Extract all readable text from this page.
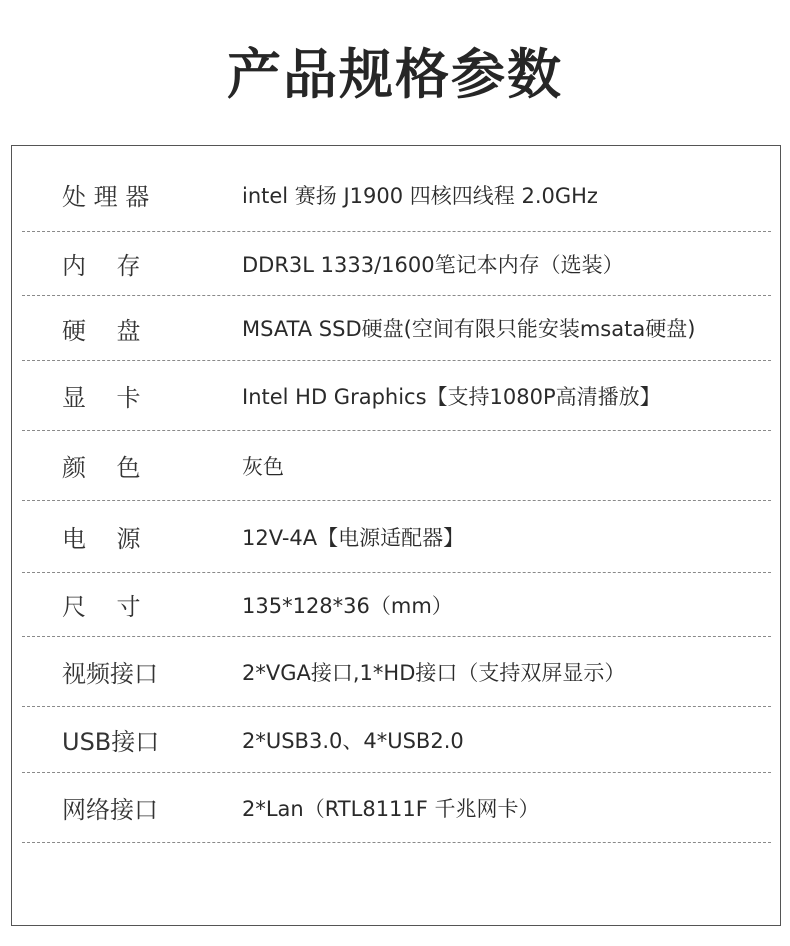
产品规格参数
处 理 器	intel 赛扬 J1900 四核四线程 2.0GHz
内    存	DDR3L 1333/1600笔记本内存（选装）
硬    盘	MSATA SSD硬盘(空间有限只能安装msata硬盘)
显    卡	Intel HD Graphics【支持1080P高清播放】
颜    色	灰色
电    源	12V-4A【电源适配器】
尺    寸	135*128*36（mm）
视频接口	2*VGA接口,1*HD接口（支持双屏显示）
USB接口	2*USB3.0、4*USB2.0
网络接口	2*Lan（RTL8111F 千兆网卡）
